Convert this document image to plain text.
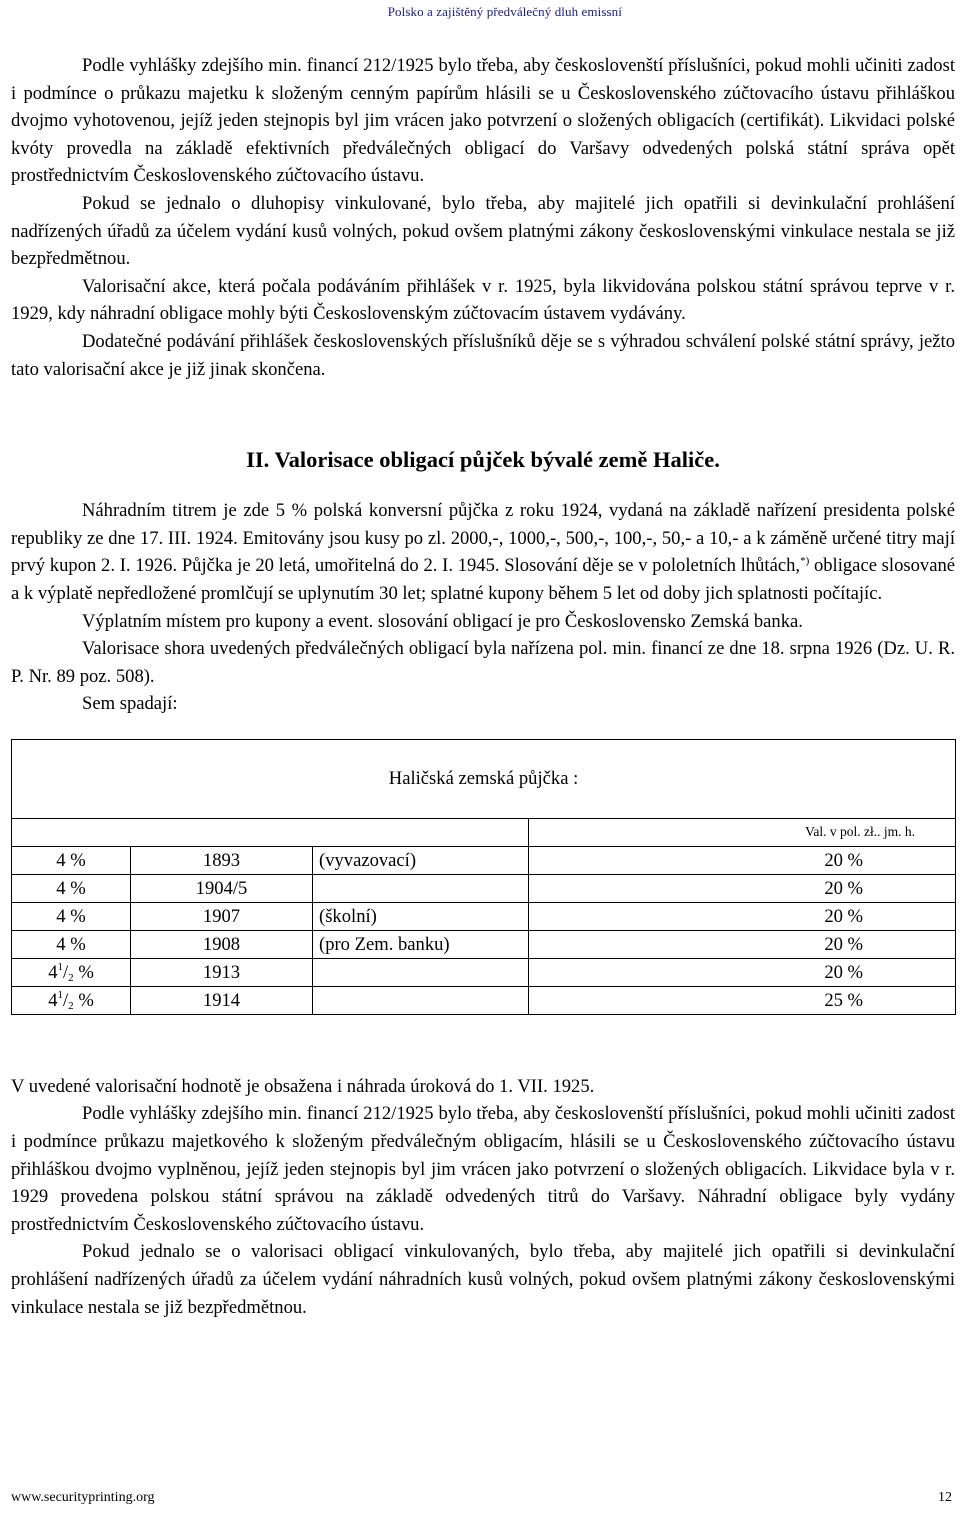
Polsko a zajištěný předválečný dluh emissní

Podle vyhlášky zdejšího min. financí 212/1925 bylo třeba, aby českoslovenští příslušníci, pokud mohli učiniti zadost i podmínce o průkazu majetku k složeným cenným papírům hlásili se u Československého zúčtovacího ústavu přihláškou dvojmo vyhotovenou, jejíž jeden stejnopis byl jim vrácen jako potvrzení o složených obligacích (certifikát). Likvidaci polské kvóty provedla na základě efektivních předválečných obligací do Varšavy odvedených polská státní správa opět prostřednictvím Československého zúčtovacího ústavu.

Pokud se jednalo o dluhopisy vinkulované, bylo třeba, aby majitelé jich opatřili si devinkulační prohlášení nadřízených úřadů za účelem vydání kusů volných, pokud ovšem platnými zákony československými vinkulace nestala se již bezpředmětnou.

Valorisační akce, která počala podáváním přihlášek v r. 1925, byla likvidována polskou státní správou teprve v r. 1929, kdy náhradní obligace mohly býti Československým zúčtovacím ústavem vydávány.

Dodatečné podávání přihlášek československých příslušníků děje se s výhradou schválení polské státní správy, ježto tato valorisační akce je již jinak skončena.

II. Valorisace obligací půjček bývalé země Haliče.

Náhradním titrem je zde 5 % polská konversní půjčka z roku 1924, vydaná na základě nařízení presidenta polské republiky ze dne 17. III. 1924. Emitovány jsou kusy po zl. 2000,-, 1000,-, 500,-, 100,-, 50,- a 10,- a k záměně určené titry mají prvý kupon 2. I. 1926. Půjčka je 20 letá, umořitelná do 2. I. 1945. Slosování děje se v pololetních lhůtách,*) obligace slosované a k výplatě nepředložené promlčují se uplynutím 30 let; splatné kupony během 5 let od doby jich splatnosti počítajíc.

Výplatním místem pro kupony a event. slosování obligací je pro Československo Zemská banka.

Valorisace shora uvedených předválečných obligací byla nařízena pol. min. financí ze dne 18. srpna 1926 (Dz. U. R. P. Nr. 89 poz. 508).

Sem spadají:

Haličská zemská půjčka :			
			Val. v pol. zł.. jm. h.
4 %	1893	(vyvazovací)	20 %
4 %	1904/5		20 %
4 %	1907	(školní)	20 %
4 %	1908	(pro Zem. banku)	20 %
$4^1/_2$ %	1913		20 %
$4^1/_2$ %	1914		25 %

V uvedené valorisační hodnotě je obsažena i náhrada úroková do 1. VII. 1925.

Podle vyhlášky zdejšího min. financí 212/1925 bylo třeba, aby českoslovenští příslušníci, pokud mohli učiniti zadost i podmínce průkazu majetkového k složeným předválečným obligacím, hlásili se u Československého zúčtovacího ústavu přihláškou dvojmo vyplněnou, jejíž jeden stejnopis byl jim vrácen jako potvrzení o složených obligacích. Likvidace byla v r. 1929 provedena polskou státní správou na základě odvedených titrů do Varšavy. Náhradní obligace byly vydány prostřednictvím Československého zúčtovacího ústavu.

Pokud jednalo se o valorisaci obligací vinkulovaných, bylo třeba, aby majitelé jich opatřili si devinkulační prohlášení nadřízených úřadů za účelem vydání náhradních kusů volných, pokud ovšem platnými zákony československými vinkulace nestala se již bezpředmětnou.

www.securityprinting.org	12
